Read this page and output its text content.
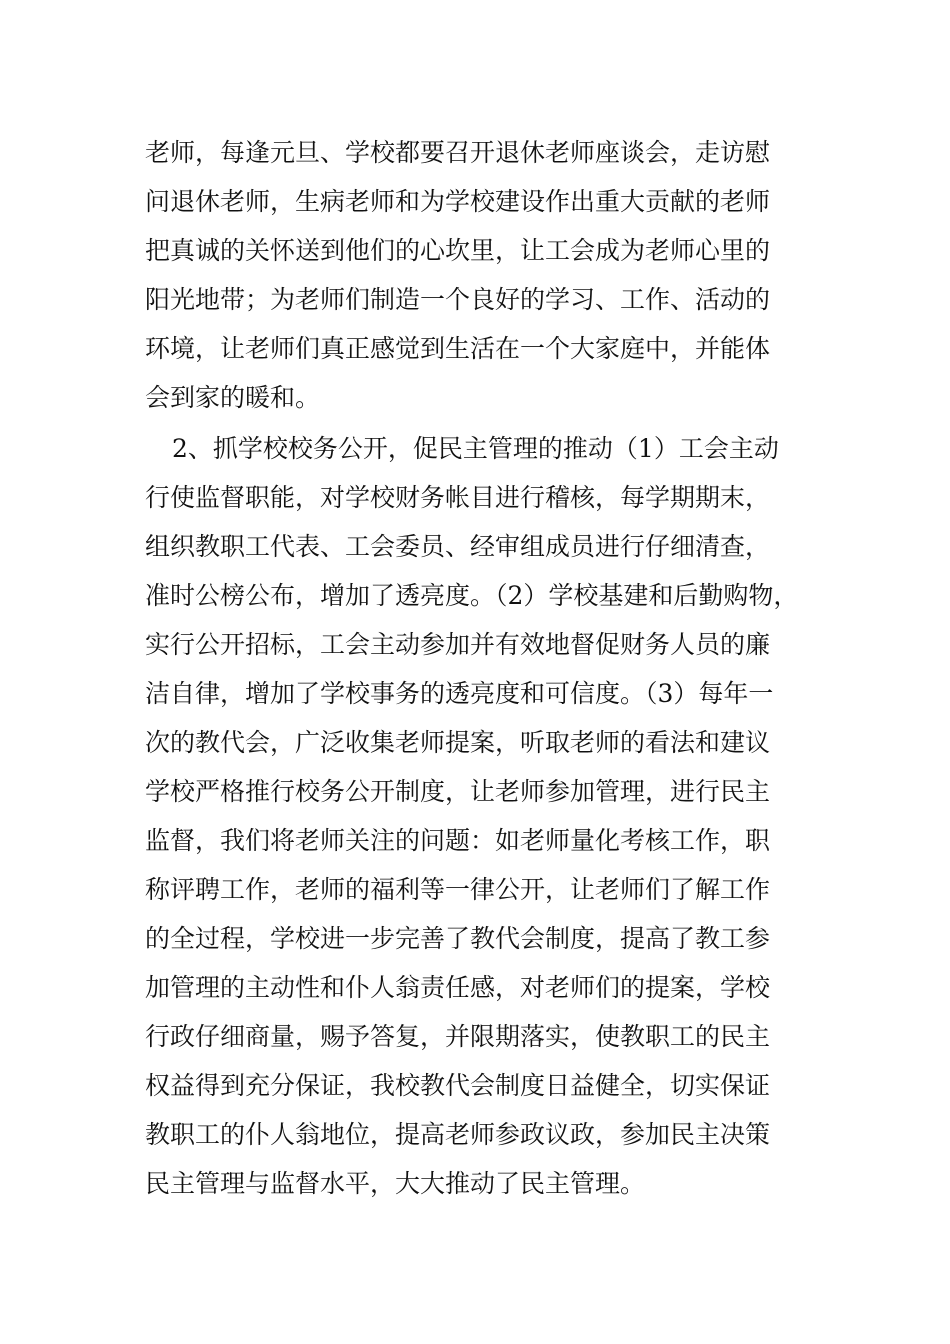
老师，每逢元旦、学校都要召开退休老师座谈会，走访慰
问退休老师，生病老师和为学校建设作出重大贡献的老师
把真诚的关怀送到他们的心坎里，让工会成为老师心里的
阳光地带；为老师们制造一个良好的学习、工作、活动的
环境，让老师们真正感觉到生活在一个大家庭中，并能体
会到家的暖和。
2、抓学校校务公开，促民主管理的推动（1）工会主动
行使监督职能，对学校财务帐目进行稽核，每学期期末，
组织教职工代表、工会委员、经审组成员进行仔细清查，
准时公榜公布，增加了透亮度。（2）学校基建和后勤购物，
实行公开招标，工会主动参加并有效地督促财务人员的廉
洁自律，增加了学校事务的透亮度和可信度。（3）每年一
次的教代会，广泛收集老师提案，听取老师的看法和建议
学校严格推行校务公开制度，让老师参加管理，进行民主
监督，我们将老师关注的问题：如老师量化考核工作，职
称评聘工作，老师的福利等一律公开，让老师们了解工作
的全过程，学校进一步完善了教代会制度，提高了教工参
加管理的主动性和仆人翁责任感，对老师们的提案，学校
行政仔细商量，赐予答复，并限期落实，使教职工的民主
权益得到充分保证，我校教代会制度日益健全，切实保证
教职工的仆人翁地位，提高老师参政议政，参加民主决策
民主管理与监督水平，大大推动了民主管理。
